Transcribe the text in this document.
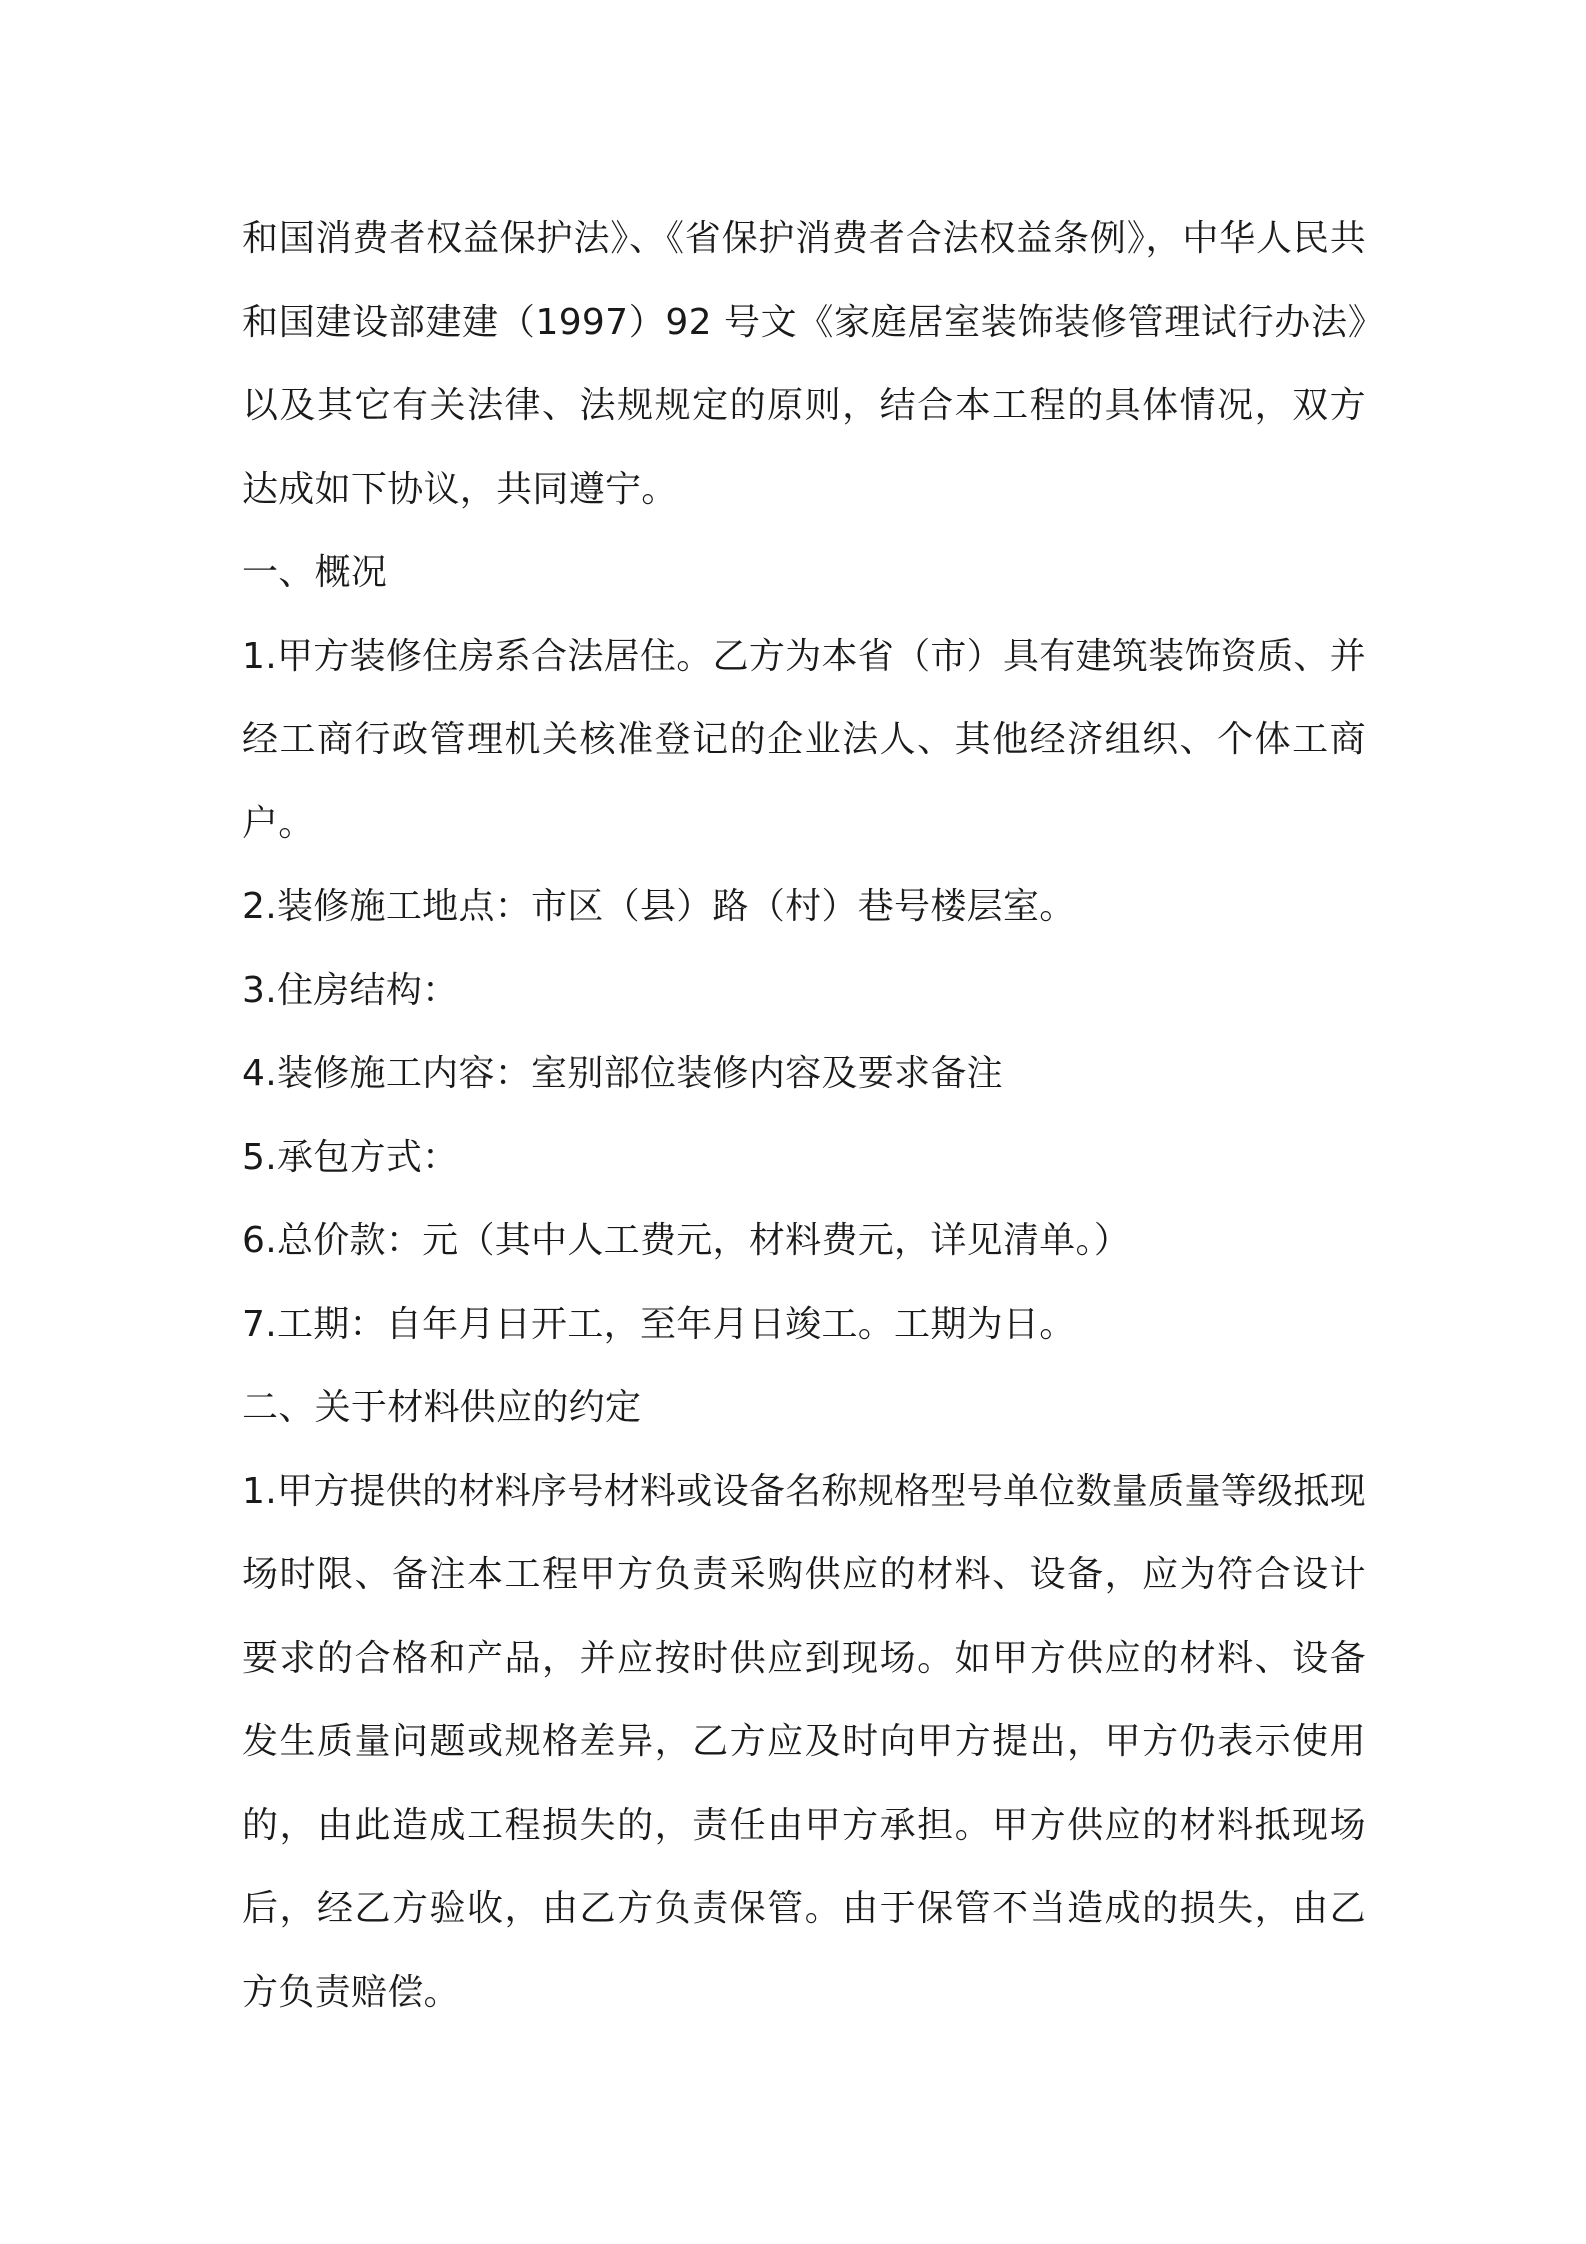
和国消费者权益保护法》、《省保护消费者合法权益条例》，中华人民共和国建设部建建（1997）92 号文《家庭居室装饰装修管理试行办法》以及其它有关法律、法规规定的原则，结合本工程的具体情况，双方达成如下协议，共同遵宁。

一、概况

1.甲方装修住房系合法居住。乙方为本省（市）具有建筑装饰资质、并经工商行政管理机关核准登记的企业法人、其他经济组织、个体工商户。

2.装修施工地点：市区（县）路（村）巷号楼层室。

3.住房结构：

4.装修施工内容：室别部位装修内容及要求备注

5.承包方式：

6.总价款：元（其中人工费元，材料费元，详见清单。）

7.工期：自年月日开工，至年月日竣工。工期为日。

二、关于材料供应的约定

1.甲方提供的材料序号材料或设备名称规格型号单位数量质量等级抵现场时限、备注本工程甲方负责采购供应的材料、设备，应为符合设计要求的合格和产品，并应按时供应到现场。如甲方供应的材料、设备发生质量问题或规格差异，乙方应及时向甲方提出，甲方仍表示使用的，由此造成工程损失的，责任由甲方承担。甲方供应的材料抵现场后，经乙方验收，由乙方负责保管。由于保管不当造成的损失，由乙方负责赔偿。
